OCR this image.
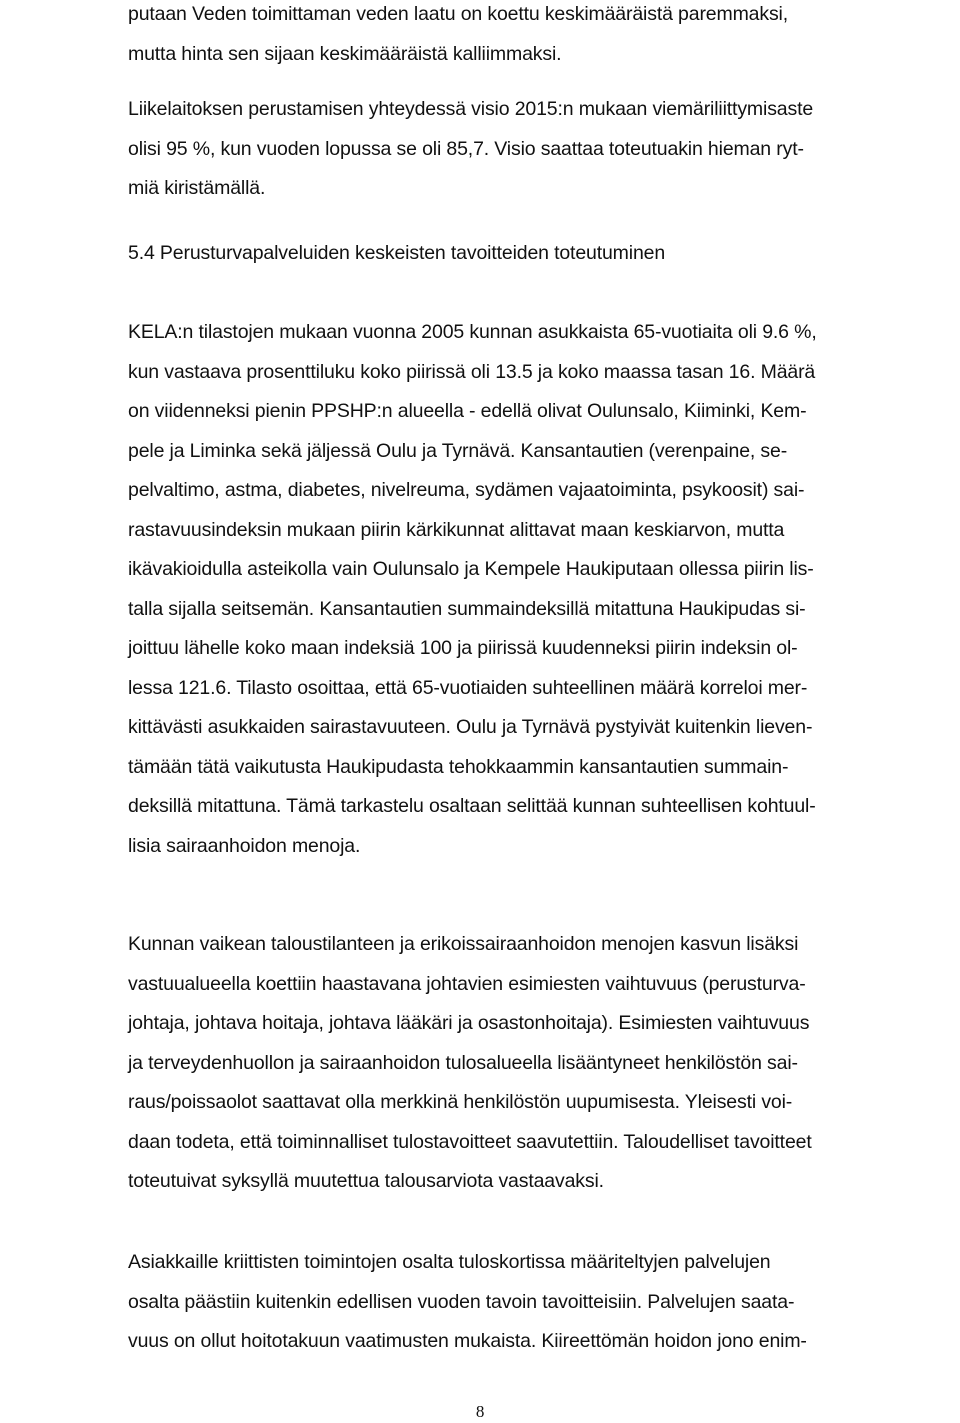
putaan Veden toimittaman veden laatu on koettu keskimääräistä paremmaksi,
mutta hinta sen sijaan keskimääräistä kalliimmaksi.
Liikelaitoksen perustamisen yhteydessä visio 2015:n mukaan viemäriliittymisaste
olisi 95 %, kun vuoden lopussa se oli 85,7. Visio saattaa toteutuakin hieman ryt-
miä kiristämällä.
5.4 Perusturvapalveluiden keskeisten tavoitteiden toteutuminen
KELA:n tilastojen mukaan vuonna 2005 kunnan asukkaista 65-vuotiaita oli 9.6 %,
kun vastaava prosenttiluku koko piirissä oli 13.5 ja koko maassa tasan 16. Määrä
on viidenneksi pienin PPSHP:n alueella - edellä olivat Oulunsalo, Kiiminki, Kem-
pele ja Liminka sekä jäljessä Oulu ja Tyrnävä. Kansantautien (verenpaine, se-
pelvaltimo, astma, diabetes, nivelreuma, sydämen vajaatoiminta, psykoosit) sai-
rastavuusindeksin mukaan piirin kärkikunnat alittavat maan keskiarvon, mutta
ikävakioidulla asteikolla vain Oulunsalo ja Kempele Haukiputaan ollessa piirin lis-
talla sijalla seitsemän. Kansantautien summaindeksillä mitattuna Haukipudas si-
joittuu lähelle koko maan indeksiä 100 ja piirissä kuudenneksi piirin indeksin ol-
lessa 121.6. Tilasto osoittaa, että 65-vuotiaiden suhteellinen määrä korreloi mer-
kittävästi asukkaiden sairastavuuteen. Oulu ja Tyrnävä pystyivät kuitenkin lieven-
tämään tätä vaikutusta Haukipudasta tehokkaammin kansantautien summain-
deksillä mitattuna. Tämä tarkastelu osaltaan selittää kunnan suhteellisen kohtuul-
lisia sairaanhoidon menoja.
Kunnan vaikean taloustilanteen ja erikoissairaanhoidon menojen kasvun lisäksi
vastuualueella koettiin haastavana johtavien esimiesten vaihtuvuus (perusturva-
johtaja, johtava hoitaja, johtava lääkäri ja osastonhoitaja). Esimiesten vaihtuvuus
ja terveydenhuollon ja sairaanhoidon tulosalueella lisääntyneet henkilöstön sai-
raus/poissaolot saattavat olla merkkinä henkilöstön uupumisesta. Yleisesti voi-
daan todeta, että toiminnalliset tulostavoitteet saavutettiin. Taloudelliset tavoitteet
toteutuivat syksyllä muutettua talousarviota vastaavaksi.
Asiakkaille kriittisten toimintojen osalta tuloskortissa määriteltyjen palvelujen
osalta päästiin kuitenkin edellisen vuoden tavoin tavoitteisiin. Palvelujen saata-
vuus on ollut hoitotakuun vaatimusten mukaista. Kiireettömän hoidon jono enim-
8
